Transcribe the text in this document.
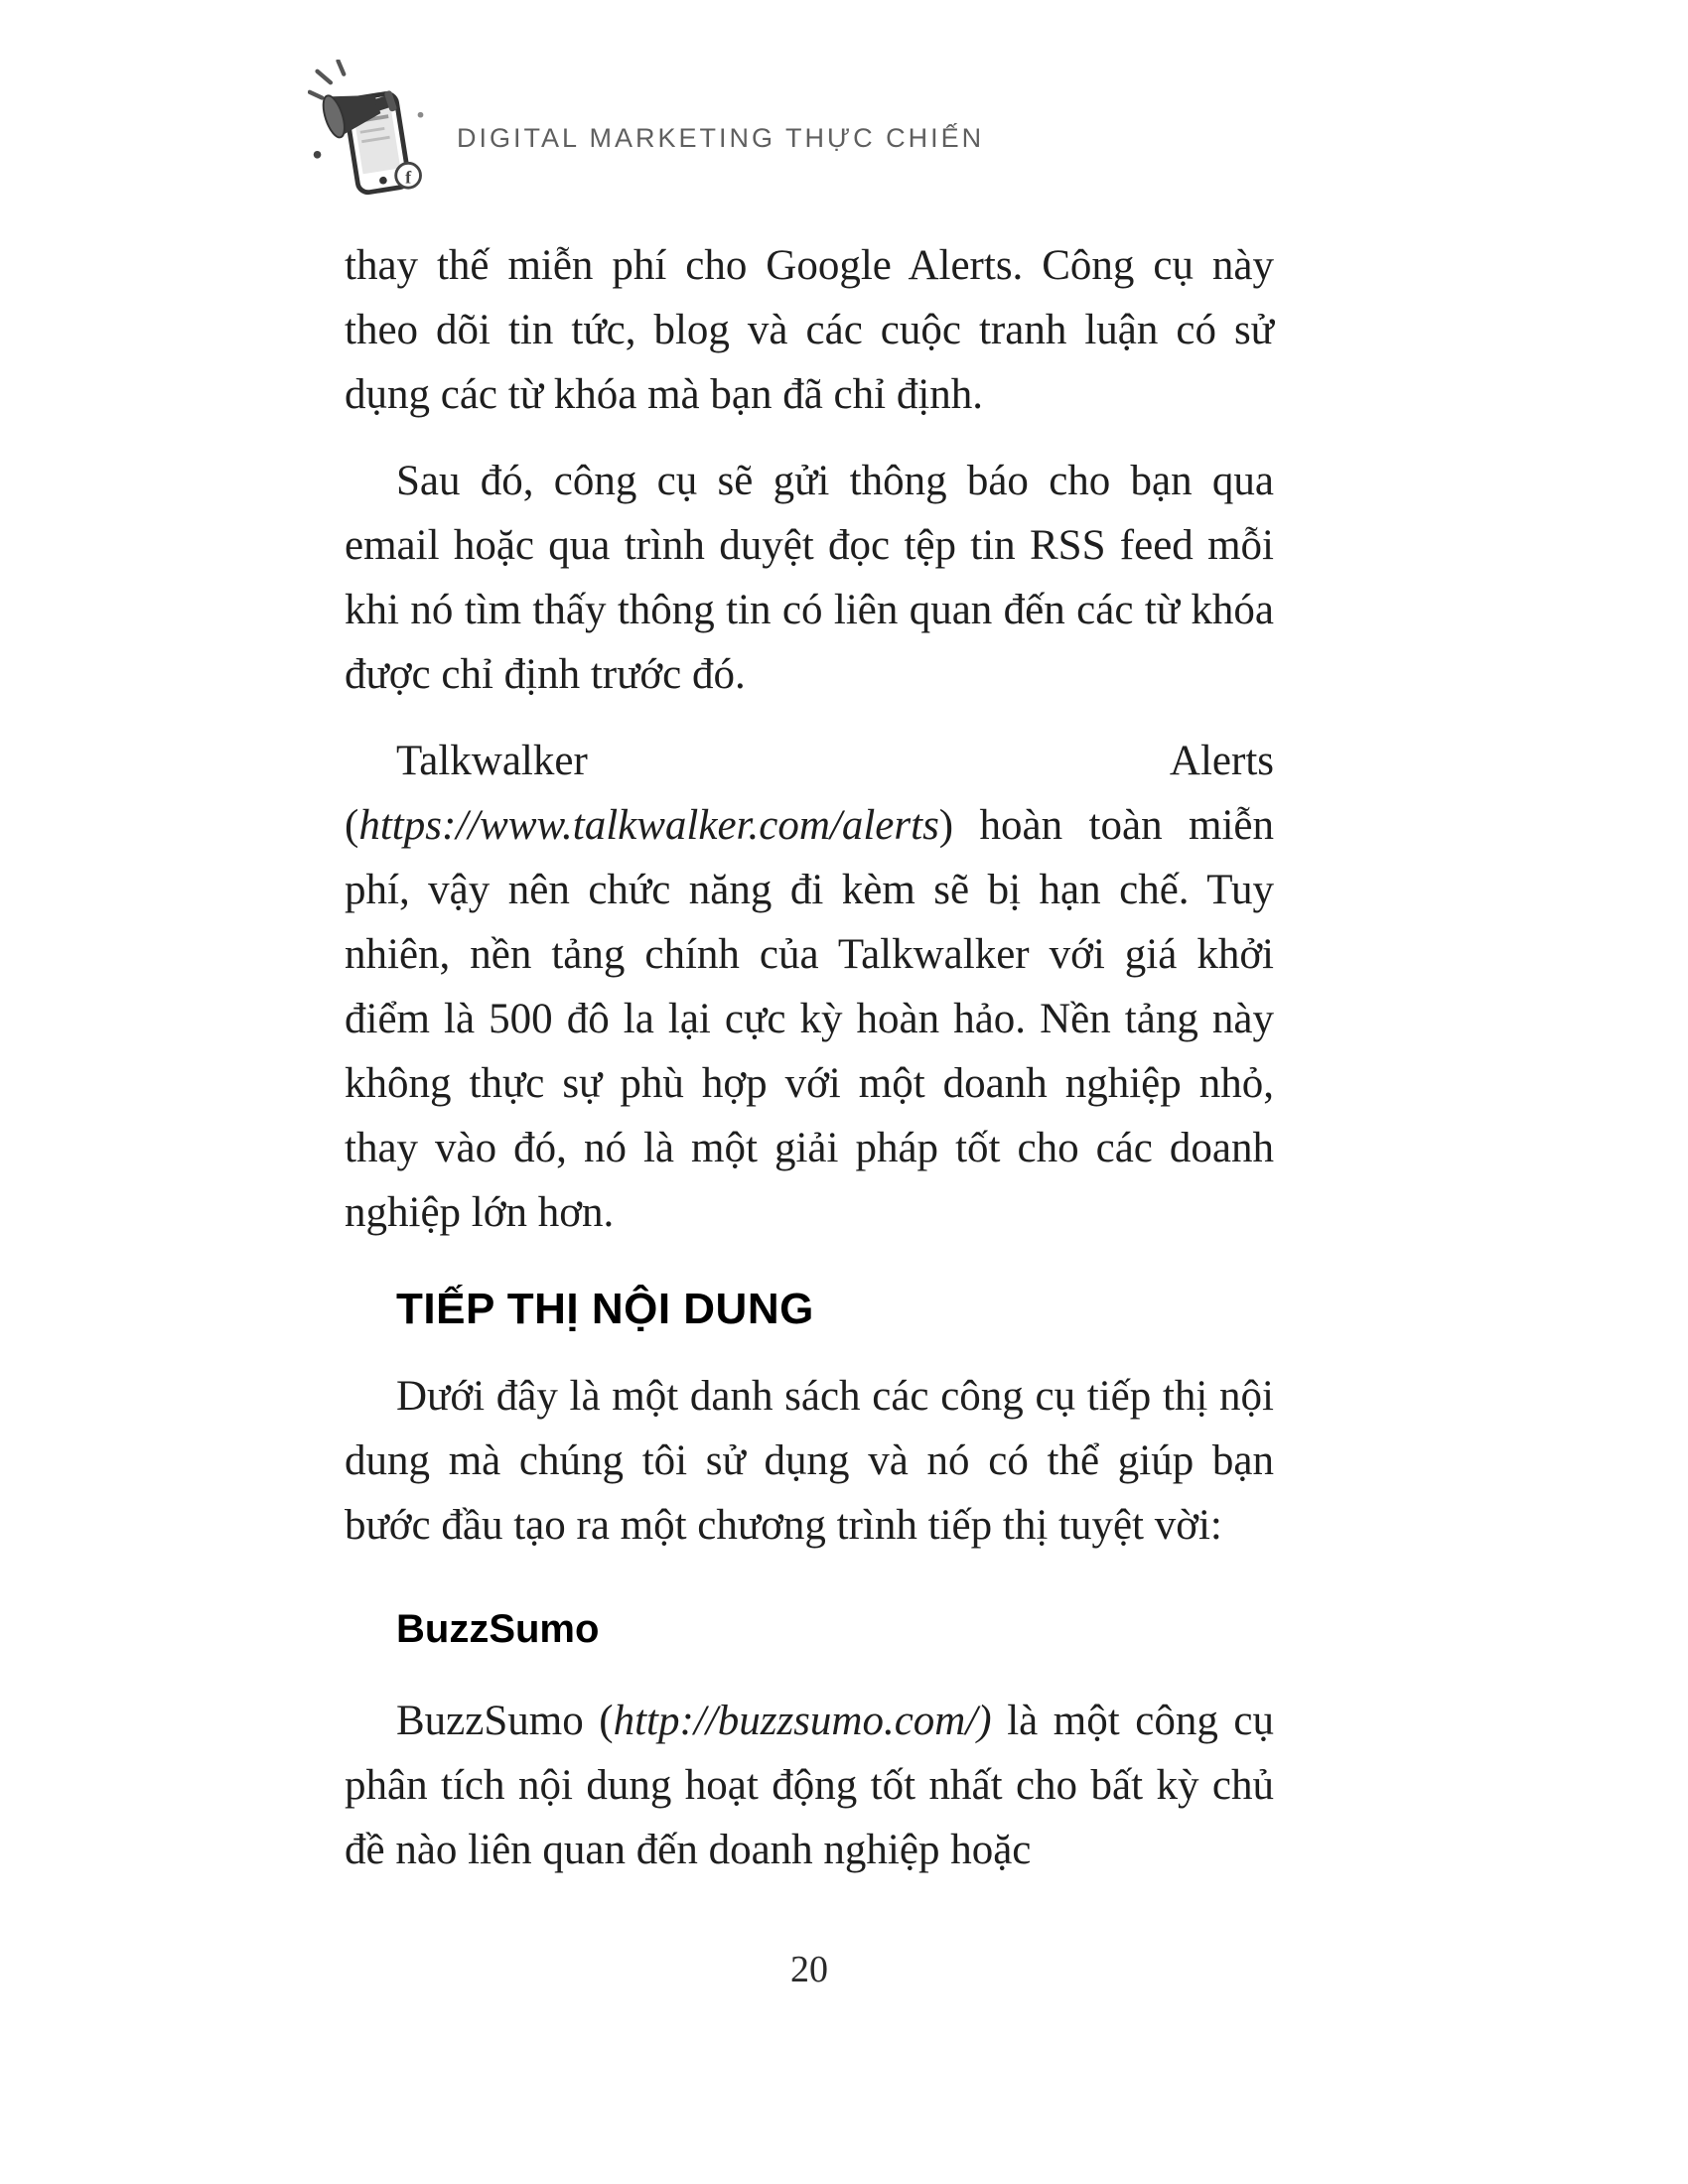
f
DIGITAL MARKETING THỰC CHIẾN

thay thế miễn phí cho Google Alerts. Công cụ này theo dõi tin tức, blog và các cuộc tranh luận có sử dụng các từ khóa mà bạn đã chỉ định.

Sau đó, công cụ sẽ gửi thông báo cho bạn qua email hoặc qua trình duyệt đọc tệp tin RSS feed mỗi khi nó tìm thấy thông tin có liên quan đến các từ khóa được chỉ định trước đó.

Talkwalker Alerts (https://www.talkwalker.com/alerts) hoàn toàn miễn phí, vậy nên chức năng đi kèm sẽ bị hạn chế. Tuy nhiên, nền tảng chính của Talkwalker với giá khởi điểm là 500 đô la lại cực kỳ hoàn hảo. Nền tảng này không thực sự phù hợp với một doanh nghiệp nhỏ, thay vào đó, nó là một giải pháp tốt cho các doanh nghiệp lớn hơn.

TIẾP THỊ NỘI DUNG

Dưới đây là một danh sách các công cụ tiếp thị nội dung mà chúng tôi sử dụng và nó có thể giúp bạn bước đầu tạo ra một chương trình tiếp thị tuyệt vời:

BuzzSumo

BuzzSumo (http://buzzsumo.com/) là một công cụ phân tích nội dung hoạt động tốt nhất cho bất kỳ chủ đề nào liên quan đến doanh nghiệp hoặc

20
